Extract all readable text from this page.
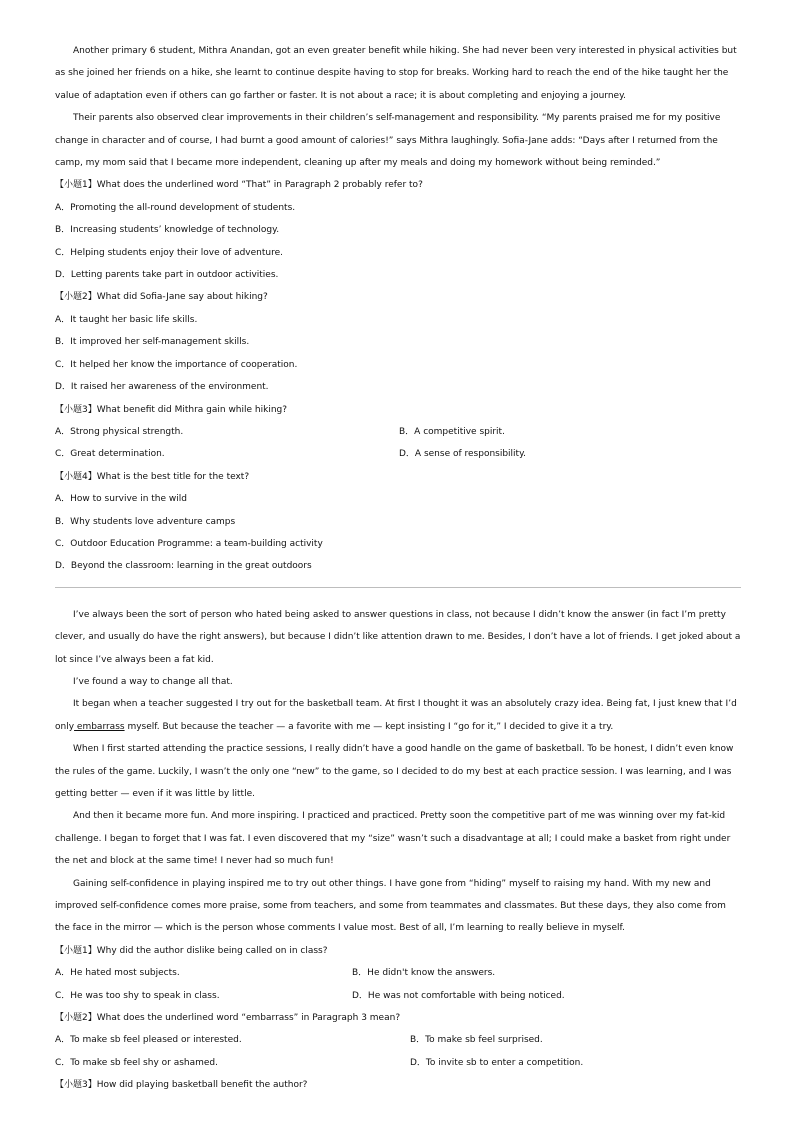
Another primary 6 student, Mithra Anandan, got an even greater benefit while hiking. She had never been very interested in physical activities but as she joined her friends on a hike, she learnt to continue despite having to stop for breaks. Working hard to reach the end of the hike taught her the value of adaptation even if others can go farther or faster. It is not about a race; it is about completing and enjoying a journey.

Their parents also observed clear improvements in their children’s self-management and responsibility. “My parents praised me for my positive change in character and of course, I had burnt a good amount of calories!” says Mithra laughingly. Sofia-Jane adds: “Days after I returned from the camp, my mom said that I became more independent, cleaning up after my meals and doing my homework without being reminded.”

【小题1】What does the underlined word “That” in Paragraph 2 probably refer to?

A．Promoting the all-round development of students.

B．Increasing students’ knowledge of technology.

C．Helping students enjoy their love of adventure.

D．Letting parents take part in outdoor activities.

【小题2】What did Sofia-Jane say about hiking?

A．It taught her basic life skills.

B．It improved her self-management skills.

C．It helped her know the importance of cooperation.

D．It raised her awareness of the environment.

【小题3】What benefit did Mithra gain while hiking?

A．Strong physical strength.	B．A competitive spirit.
C．Great determination.	D．A sense of responsibility.

【小题4】What is the best title for the text?

A．How to survive in the wild

B．Why students love adventure camps

C．Outdoor Education Programme: a team-building activity

D．Beyond the classroom: learning in the great outdoors

I’ve always been the sort of person who hated being asked to answer questions in class, not because I didn’t know the answer (in fact I’m pretty clever, and usually do have the right answers), but because I didn’t like attention drawn to me. Besides, I don’t have a lot of friends. I get joked about a lot since I’ve always been a fat kid.

I’ve found a way to change all that.

It began when a teacher suggested I try out for the basketball team. At first I thought it was an absolutely crazy idea. Being fat, I just knew that I’d only embarrass myself. But because the teacher — a favorite with me — kept insisting I “go for it,” I decided to give it a try.

When I first started attending the practice sessions, I really didn’t have a good handle on the game of basketball. To be honest, I didn’t even know the rules of the game. Luckily, I wasn’t the only one “new” to the game, so I decided to do my best at each practice session. I was learning, and I was getting better — even if it was little by little.

And then it became more fun. And more inspiring. I practiced and practiced. Pretty soon the competitive part of me was winning over my fat-kid challenge. I began to forget that I was fat. I even discovered that my “size” wasn’t such a disadvantage at all; I could make a basket from right under the net and block at the same time! I never had so much fun!

Gaining self-confidence in playing inspired me to try out other things. I have gone from “hiding” myself to raising my hand. With my new and improved self-confidence comes more praise, some from teachers, and some from teammates and classmates. But these days, they also come from the face in the mirror — which is the person whose comments I value most. Best of all, I’m learning to really believe in myself.

【小题1】Why did the author dislike being called on in class?

A．He hated most subjects.	B．He didn't know the answers.
C．He was too shy to speak in class.	D．He was not comfortable with being noticed.

【小题2】What does the underlined word “embarrass” in Paragraph 3 mean?

A．To make sb feel pleased or interested.	B．To make sb feel surprised.
C．To make sb feel shy or ashamed.	D．To invite sb to enter a competition.

【小题3】How did playing basketball benefit the author?
